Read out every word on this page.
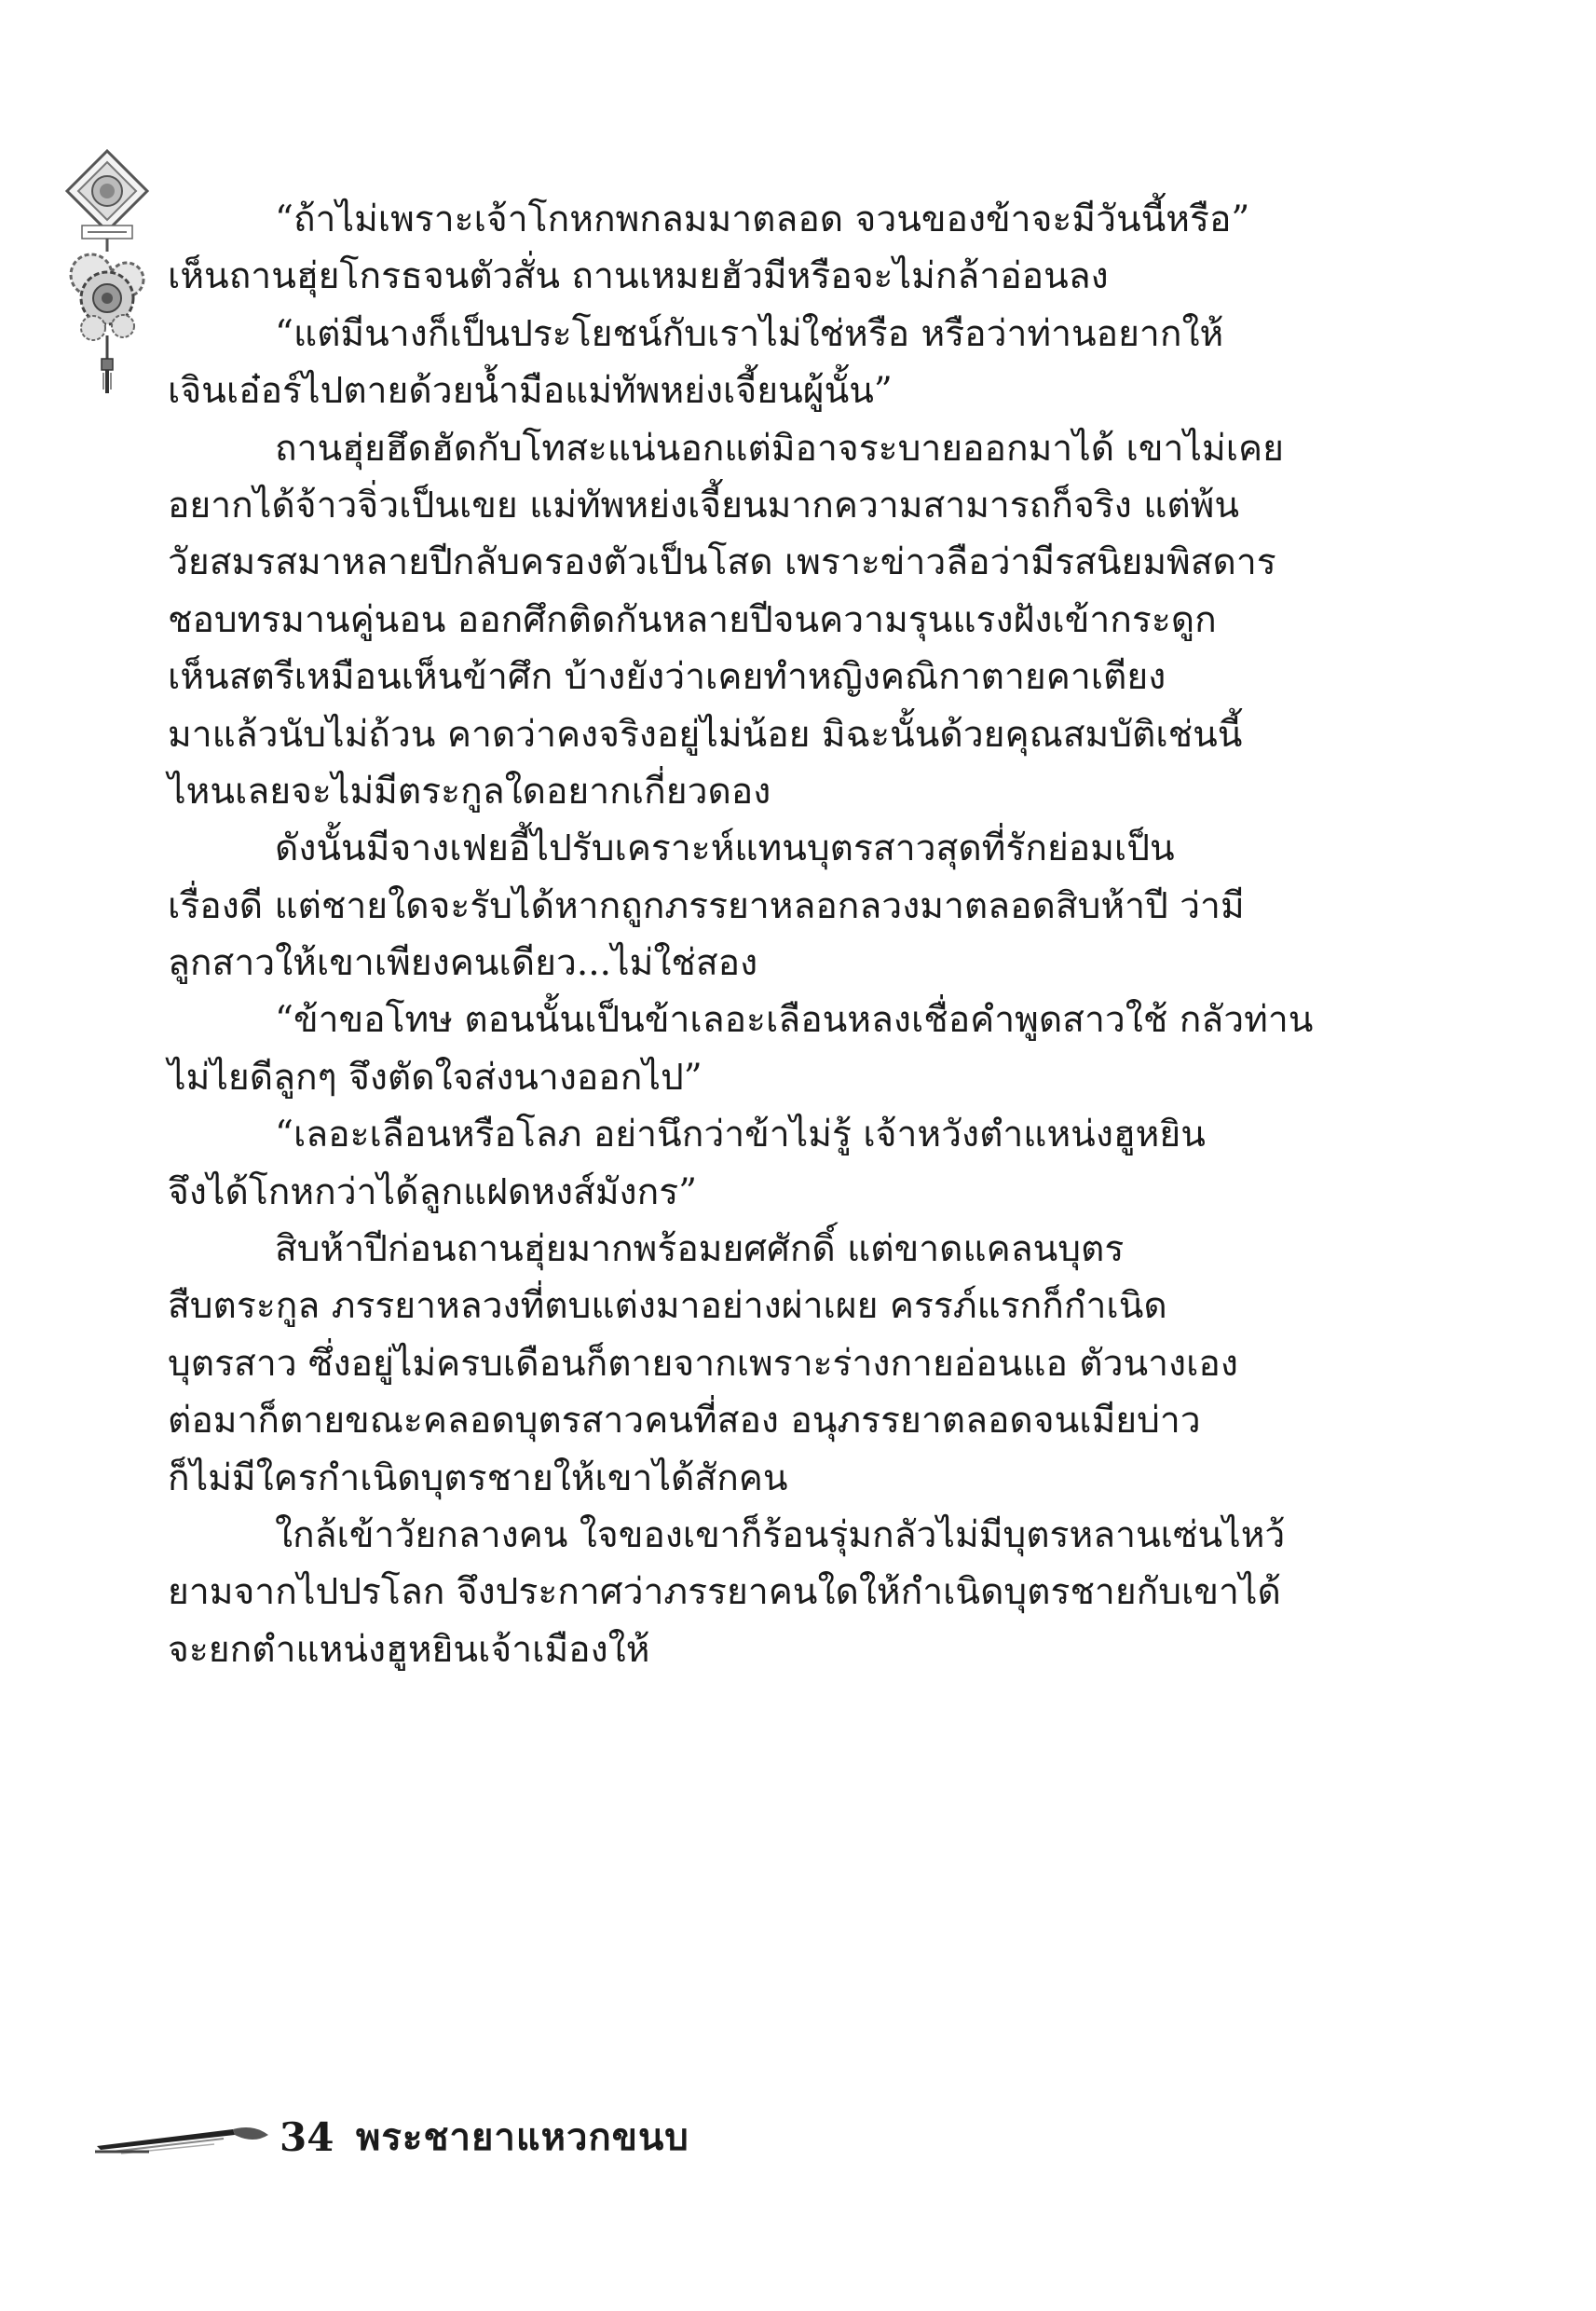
“ถ้าไม่เพราะเจ้าโกหกพกลมมาตลอด จวนของข้าจะมีวันนี้หรือ”
เห็นถานฮุ่ยโกรธจนตัวสั่น ถานเหมยฮัวมีหรือจะไม่กล้าอ่อนลง
“แต่มีนางก็เป็นประโยชน์กับเราไม่ใช่หรือ หรือว่าท่านอยากให้
เจินเอ๋อร์ไปตายด้วยน้ำมือแม่ทัพหย่งเจี้ยนผู้นั้น”
ถานฮุ่ยฮึดฮัดกับโทสะแน่นอกแต่มิอาจระบายออกมาได้ เขาไม่เคย
อยากได้จ้าวจิ่วเป็นเขย แม่ทัพหย่งเจี้ยนมากความสามารถก็จริง แต่พ้น
วัยสมรสมาหลายปีกลับครองตัวเป็นโสด เพราะข่าวลือว่ามีรสนิยมพิสดาร
ชอบทรมานคู่นอน ออกศึกติดกันหลายปีจนความรุนแรงฝังเข้ากระดูก
เห็นสตรีเหมือนเห็นข้าศึก บ้างยังว่าเคยทำหญิงคณิกาตายคาเตียง
มาแล้วนับไม่ถ้วน คาดว่าคงจริงอยู่ไม่น้อย มิฉะนั้นด้วยคุณสมบัติเช่นนี้
ไหนเลยจะไม่มีตระกูลใดอยากเกี่ยวดอง
ดังนั้นมีจางเฟยอี้ไปรับเคราะห์แทนบุตรสาวสุดที่รักย่อมเป็น
เรื่องดี แต่ชายใดจะรับได้หากถูกภรรยาหลอกลวงมาตลอดสิบห้าปี ว่ามี
ลูกสาวให้เขาเพียงคนเดียว...ไม่ใช่สอง
“ข้าขอโทษ ตอนนั้นเป็นข้าเลอะเลือนหลงเชื่อคำพูดสาวใช้ กลัวท่าน
ไม่ไยดีลูกๆ จึงตัดใจส่งนางออกไป”
“เลอะเลือนหรือโลภ อย่านึกว่าข้าไม่รู้ เจ้าหวังตำแหน่งฮูหยิน
จึงได้โกหกว่าได้ลูกแฝดหงส์มังกร”
สิบห้าปีก่อนถานฮุ่ยมากพร้อมยศศักดิ์ แต่ขาดแคลนบุตร
สืบตระกูล ภรรยาหลวงที่ตบแต่งมาอย่างผ่าเผย ครรภ์แรกก็กำเนิด
บุตรสาว ซึ่งอยู่ไม่ครบเดือนก็ตายจากเพราะร่างกายอ่อนแอ ตัวนางเอง
ต่อมาก็ตายขณะคลอดบุตรสาวคนที่สอง อนุภรรยาตลอดจนเมียบ่าว
ก็ไม่มีใครกำเนิดบุตรชายให้เขาได้สักคน
ใกล้เข้าวัยกลางคน ใจของเขาก็ร้อนรุ่มกลัวไม่มีบุตรหลานเซ่นไหว้
ยามจากไปปรโลก จึงประกาศว่าภรรยาคนใดให้กำเนิดบุตรชายกับเขาได้
จะยกตำแหน่งฮูหยินเจ้าเมืองให้
34 พระชายาแหวกขนบ
